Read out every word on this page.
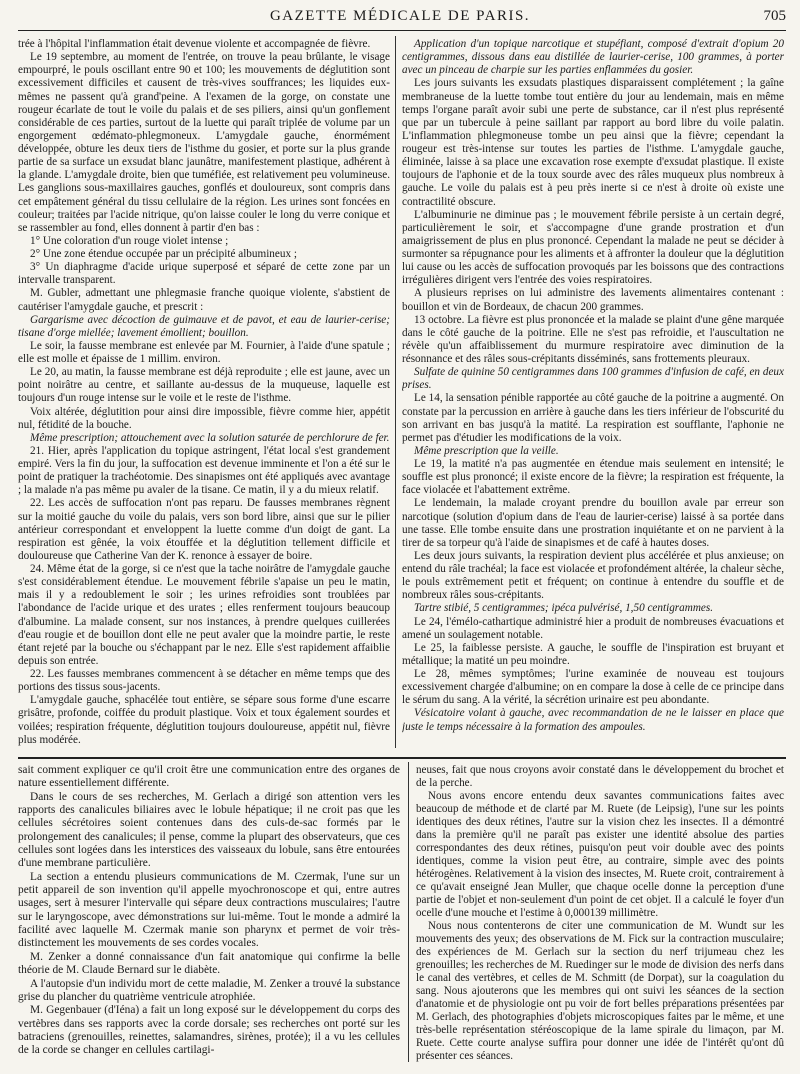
GAZETTE MÉDICALE DE PARIS.	705

trée à l'hôpital l'inflammation était devenue violente et accompagnée de fièvre.

Le 19 septembre, au moment de l'entrée, on trouve la peau brûlante, le visage empourpré, le pouls oscillant entre 90 et 100; les mouvements de déglutition sont excessivement difficiles et causent de très-vives souffrances; les liquides eux-mêmes ne passent qu'à grand'peine. A l'examen de la gorge, on constate une rougeur écarlate de tout le voile du palais et de ses piliers, ainsi qu'un gonflement considérable de ces parties, surtout de la luette qui paraît triplée de volume par un engorgement œdémato-phlegmoneux. L'amygdale gauche, énormément développée, obture les deux tiers de l'isthme du gosier, et porte sur la plus grande partie de sa surface un exsudat blanc jaunâtre, manifestement plastique, adhérent à la glande. L'amygdale droite, bien que tuméfiée, est relativement peu volumineuse. Les ganglions sous-maxillaires gauches, gonflés et douloureux, sont compris dans cet empâtement général du tissu cellulaire de la région. Les urines sont foncées en couleur; traitées par l'acide nitrique, qu'on laisse couler le long du verre conique et se rassembler au fond, elles donnent à partir d'en bas :

1° Une coloration d'un rouge violet intense ;

2° Une zone étendue occupée par un précipité albumineux ;

3° Un diaphragme d'acide urique superposé et séparé de cette zone par un intervalle transparent.

M. Gubler, admettant une phlegmasie franche quoique violente, s'abstient de cautériser l'amygdale gauche, et prescrit :

Gargarisme avec décoction de guimauve et de pavot, et eau de laurier-cerise; tisane d'orge miellée; lavement émollient; bouillon.

Le soir, la fausse membrane est enlevée par M. Fournier, à l'aide d'une spatule ; elle est molle et épaisse de 1 millim. environ.

Le 20, au matin, la fausse membrane est déjà reproduite ; elle est jaune, avec un point noirâtre au centre, et saillante au-dessus de la muqueuse, laquelle est toujours d'un rouge intense sur le voile et le reste de l'isthme.

Voix altérée, déglutition pour ainsi dire impossible, fièvre comme hier, appétit nul, fétidité de la bouche.

Même prescription; attouchement avec la solution saturée de perchlorure de fer.

21. Hier, après l'application du topique astringent, l'état local s'est grandement empiré. Vers la fin du jour, la suffocation est devenue imminente et l'on a été sur le point de pratiquer la trachéotomie. Des sinapismes ont été appliqués avec avantage ; la malade n'a pas même pu avaler de la tisane. Ce matin, il y a du mieux relatif.

22. Les accès de suffocation n'ont pas reparu. De fausses membranes règnent sur la moitié gauche du voile du palais, vers son bord libre, ainsi que sur le pilier antérieur correspondant et enveloppent la luette comme d'un doigt de gant. La respiration est gênée, la voix étouffée et la déglutition tellement difficile et douloureuse que Catherine Van der K. renonce à essayer de boire.

24. Même état de la gorge, si ce n'est que la tache noirâtre de l'amygdale gauche s'est considérablement étendue. Le mouvement fébrile s'apaise un peu le matin, mais il y a redoublement le soir ; les urines refroidies sont troublées par l'abondance de l'acide urique et des urates ; elles renferment toujours beaucoup d'albumine. La malade consent, sur nos instances, à prendre quelques cuillerées d'eau rougie et de bouillon dont elle ne peut avaler que la moindre partie, le reste étant rejeté par la bouche ou s'échappant par le nez. Elle s'est rapidement affaiblie depuis son entrée.

22. Les fausses membranes commencent à se détacher en même temps que des portions des tissus sous-jacents.

L'amygdale gauche, sphacélée tout entière, se sépare sous forme d'une escarre grisâtre, profonde, coiffée du produit plastique. Voix et toux également sourdes et voilées; respiration fréquente, déglutition toujours douloureuse, appétit nul, fièvre plus modérée.

Application d'un topique narcotique et stupéfiant, composé d'extrait d'opium 20 centigrammes, dissous dans eau distillée de laurier-cerise, 100 grammes, à porter avec un pinceau de charpie sur les parties enflammées du gosier.

Les jours suivants les exsudats plastiques disparaissent complétement ; la gaîne membraneuse de la luette tombe tout entière du jour au lendemain, mais en même temps l'organe paraît avoir subi une perte de substance, car il n'est plus représenté que par un tubercule à peine saillant par rapport au bord libre du voile palatin. L'inflammation phlegmoneuse tombe un peu ainsi que la fièvre; cependant la rougeur est très-intense sur toutes les parties de l'isthme. L'amygdale gauche, éliminée, laisse à sa place une excavation rose exempte d'exsudat plastique. Il existe toujours de l'aphonie et de la toux sourde avec des râles muqueux plus nombreux à gauche. Le voile du palais est à peu près inerte si ce n'est à droite où existe une contractilité obscure.

L'albuminurie ne diminue pas ; le mouvement fébrile persiste à un certain degré, particulièrement le soir, et s'accompagne d'une grande prostration et d'un amaigrissement de plus en plus prononcé. Cependant la malade ne peut se décider à surmonter sa répugnance pour les aliments et à affronter la douleur que la déglutition lui cause ou les accès de suffocation provoqués par les boissons que des contractions irrégulières dirigent vers l'entrée des voies respiratoires.

A plusieurs reprises on lui administre des lavements alimentaires contenant : bouillon et vin de Bordeaux, de chacun 200 grammes.

13 octobre. La fièvre est plus prononcée et la malade se plaint d'une gêne marquée dans le côté gauche de la poitrine. Elle ne s'est pas refroidie, et l'auscultation ne révèle qu'un affaiblissement du murmure respiratoire avec diminution de la résonnance et des râles sous-crépitants disséminés, sans frottements pleuraux.

Sulfate de quinine 50 centigrammes dans 100 grammes d'infusion de café, en deux prises.

Le 14, la sensation pénible rapportée au côté gauche de la poitrine a augmenté. On constate par la percussion en arrière à gauche dans les tiers inférieur de l'obscurité du son arrivant en bas jusqu'à la matité. La respiration est soufflante, l'aphonie ne permet pas d'étudier les modifications de la voix.

Même prescription que la veille.

Le 19, la matité n'a pas augmentée en étendue mais seulement en intensité; le souffle est plus prononcé; il existe encore de la fièvre; la respiration est fréquente, la face violacée et l'abattement extrême.

Le lendemain, la malade croyant prendre du bouillon avale par erreur son narcotique (solution d'opium dans de l'eau de laurier-cerise) laissé à sa portée dans une tasse. Elle tombe ensuite dans une prostration inquiétante et on ne parvient à la tirer de sa torpeur qu'à l'aide de sinapismes et de café à hautes doses.

Les deux jours suivants, la respiration devient plus accélérée et plus anxieuse; on entend du râle trachéal; la face est violacée et profondément altérée, la chaleur sèche, le pouls extrêmement petit et fréquent; on continue à entendre du souffle et de nombreux râles sous-crépitants.

Tartre stibié, 5 centigrammes; ipéca pulvérisé, 1,50 centigrammes.

Le 24, l'émélo-cathartique administré hier a produit de nombreuses évacuations et amené un soulagement notable.

Le 25, la faiblesse persiste. A gauche, le souffle de l'inspiration est bruyant et métallique; la matité un peu moindre.

Le 28, mêmes symptômes; l'urine examinée de nouveau est toujours excessivement chargée d'albumine; on en compare la dose à celle de ce principe dans le sérum du sang. A la vérité, la sécrétion urinaire est peu abondante.

Vésicatoire volant à gauche, avec recommandation de ne le laisser en place que juste le temps nécessaire à la formation des ampoules.

sait comment expliquer ce qu'il croit être une communication entre des organes de nature essentiellement différente.

Dans le cours de ses recherches, M. Gerlach a dirigé son attention vers les rapports des canalicules biliaires avec le lobule hépatique; il ne croit pas que les cellules sécrétoires soient contenues dans des culs-de-sac formés par le prolongement des canalicules; il pense, comme la plupart des observateurs, que ces cellules sont logées dans les interstices des vaisseaux du lobule, sans être entourées d'une membrane particulière.

La section a entendu plusieurs communications de M. Czermak, l'une sur un petit appareil de son invention qu'il appelle myochronoscope et qui, entre autres usages, sert à mesurer l'intervalle qui sépare deux contractions musculaires; l'autre sur le laryngoscope, avec démonstrations sur lui-même. Tout le monde a admiré la facilité avec laquelle M. Czermak manie son pharynx et permet de voir très-distinctement les mouvements de ses cordes vocales.

M. Zenker a donné connaissance d'un fait anatomique qui confirme la belle théorie de M. Claude Bernard sur le diabète.

A l'autopsie d'un individu mort de cette maladie, M. Zenker a trouvé la substance grise du plancher du quatrième ventricule atrophiée.

M. Gegenbauer (d'Iéna) a fait un long exposé sur le développement du corps des vertèbres dans ses rapports avec la corde dorsale; ses recherches ont porté sur les batraciens (grenouilles, reinettes, salamandres, sirènes, protée); il a vu les cellules de la corde se changer en cellules cartilagi-

neuses, fait que nous croyons avoir constaté dans le développement du brochet et de la perche.

Nous avons encore entendu deux savantes communications faites avec beaucoup de méthode et de clarté par M. Ruete (de Leipsig), l'une sur les points identiques des deux rétines, l'autre sur la vision chez les insectes. Il a démontré dans la première qu'il ne paraît pas exister une identité absolue des parties correspondantes des deux rétines, puisqu'on peut voir double avec des points identiques, comme la vision peut être, au contraire, simple avec des points hétérogènes. Relativement à la vision des insectes, M. Ruete croit, contrairement à ce qu'avait enseigné Jean Muller, que chaque ocelle donne la perception d'une partie de l'objet et non-seulement d'un point de cet objet. Il a calculé le foyer d'un ocelle d'une mouche et l'estime à 0,000139 millimètre.

Nous nous contenterons de citer une communication de M. Wundt sur les mouvements des yeux; des observations de M. Fick sur la contraction musculaire; des expériences de M. Gerlach sur la section du nerf trijumeau chez les grenouilles; les recherches de M. Ruedinger sur le mode de division des nerfs dans le canal des vertèbres, et celles de M. Schmitt (de Dorpat), sur la coagulation du sang. Nous ajouterons que les membres qui ont suivi les séances de la section d'anatomie et de physiologie ont pu voir de fort belles préparations présentées par M. Gerlach, des photographies d'objets microscopiques faites par le même, et une très-belle représentation stéréoscopique de la lame spirale du limaçon, par M. Ruete. Cette courte analyse suffira pour donner une idée de l'intérêt qu'ont dû présenter ces séances.
